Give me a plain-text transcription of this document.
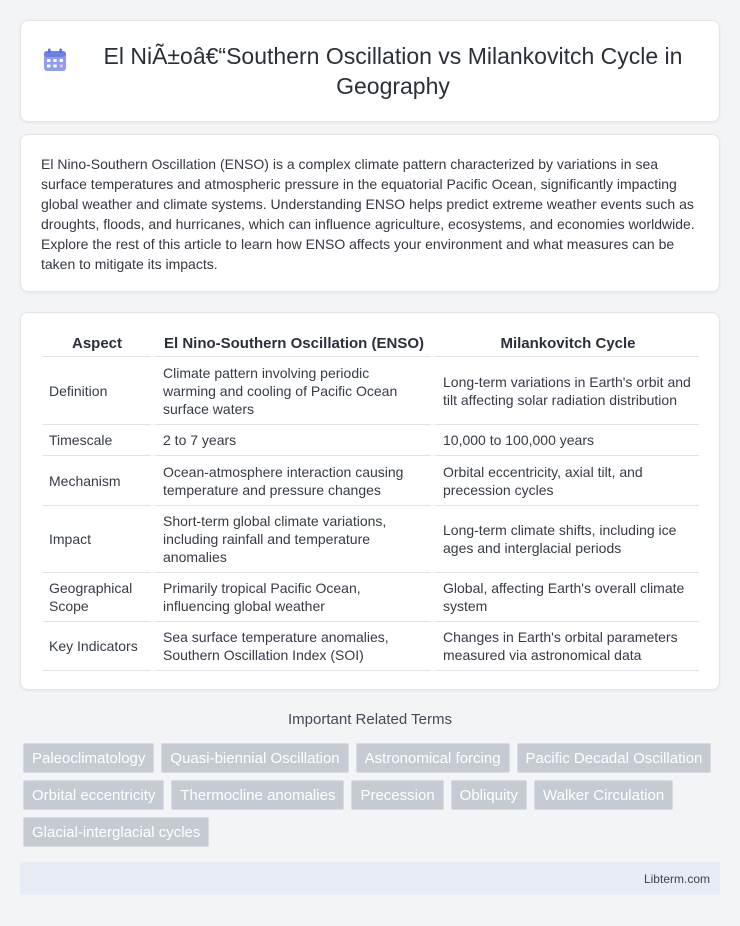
El NiÃ±oâ€“Southern Oscillation vs Milankovitch Cycle in Geography

El Nino-Southern Oscillation (ENSO) is a complex climate pattern characterized by variations in sea surface temperatures and atmospheric pressure in the equatorial Pacific Ocean, significantly impacting global weather and climate systems. Understanding ENSO helps predict extreme weather events such as droughts, floods, and hurricanes, which can influence agriculture, ecosystems, and economies worldwide. Explore the rest of this article to learn how ENSO affects your environment and what measures can be taken to mitigate its impacts.

Aspect	El Nino-Southern Oscillation (ENSO)	Milankovitch Cycle
Definition	Climate pattern involving periodic warming and cooling of Pacific Ocean surface waters	Long-term variations in Earth's orbit and tilt affecting solar radiation distribution
Timescale	2 to 7 years	10,000 to 100,000 years
Mechanism	Ocean-atmosphere interaction causing temperature and pressure changes	Orbital eccentricity, axial tilt, and precession cycles
Impact	Short-term global climate variations, including rainfall and temperature anomalies	Long-term climate shifts, including ice ages and interglacial periods
Geographical Scope	Primarily tropical Pacific Ocean, influencing global weather	Global, affecting Earth's overall climate system
Key Indicators	Sea surface temperature anomalies, Southern Oscillation Index (SOI)	Changes in Earth's orbital parameters measured via astronomical data
Important Related Terms
Paleoclimatology	Quasi-biennial Oscillation	Astronomical forcing	Pacific Decadal Oscillation
Orbital eccentricity	Thermocline anomalies	Precession	Obliquity	Walker Circulation
Glacial-interglacial cycles
Libterm.com
